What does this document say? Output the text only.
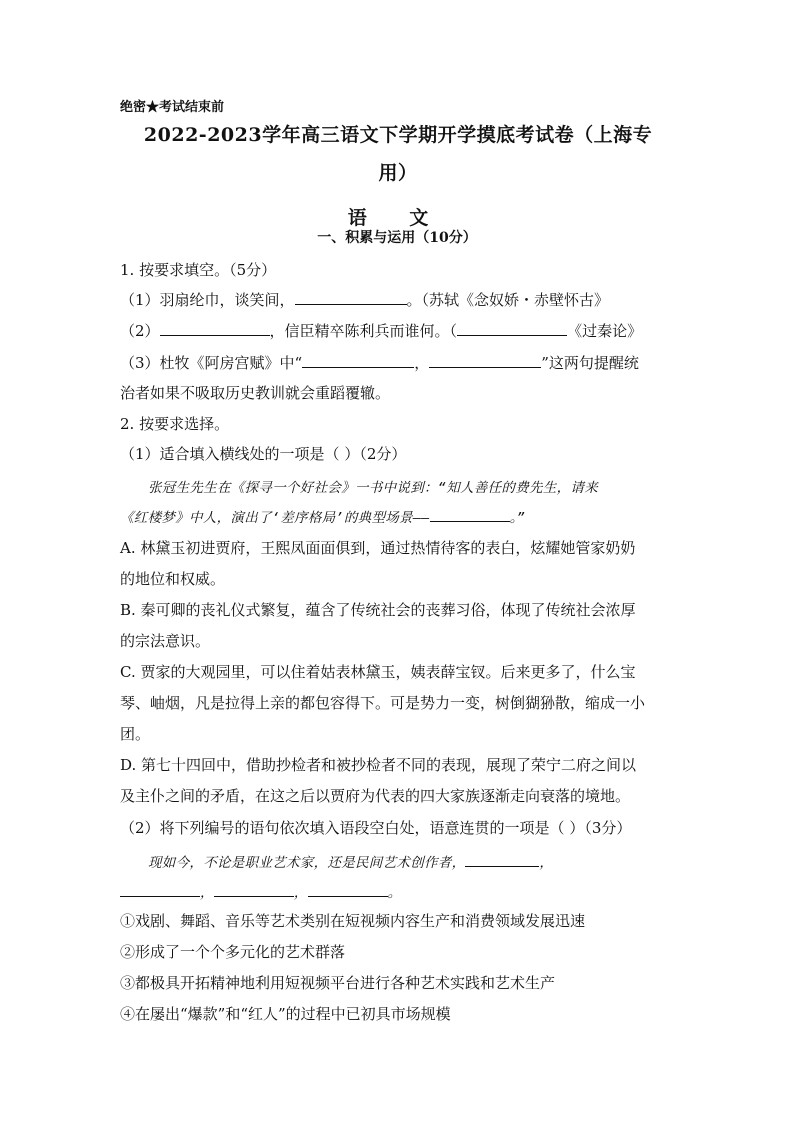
绝密★考试结束前
2022-2023学年高三语文下学期开学摸底考试卷（上海专
用）
语 文
一、积累与运用（10分）
1. 按要求填空。（5分）
（1）羽扇纶巾，谈笑间，	。（苏轼《念奴娇・赤壁怀古》
（2）	，信臣精卒陈利兵而谁何。（	《过秦论》
（3）杜牧《阿房宫赋》中“	，	”这两句提醒统
治者如果不吸取历史教训就会重蹈覆辙。
2. 按要求选择。
（1）适合填入横线处的一项是（ ）（2分）
张冠生先生在《探寻一个好社会》一书中说到：“知人善任的费先生，请来
《红楼梦》中人，演出了‘差序格局’的典型场景——	。”
A. 林黛玉初进贾府，王熙凤面面俱到，通过热情待客的表白，炫耀她管家奶奶
的地位和权威。
B. 秦可卿的丧礼仪式繁复，蕴含了传统社会的丧葬习俗，体现了传统社会浓厚
的宗法意识。
C. 贾家的大观园里，可以住着姑表林黛玉，姨表薛宝钗。后来更多了，什么宝
琴、岫烟，凡是拉得上亲的都包容得下。可是势力一变，树倒猢狲散，缩成一小
团。
D. 第七十四回中，借助抄检者和被抄检者不同的表现，展现了荣宁二府之间以
及主仆之间的矛盾，在这之后以贾府为代表的四大家族逐渐走向衰落的境地。
（2）将下列编号的语句依次填入语段空白处，语意连贯的一项是（ ）（3分）
现如今，不论是职业艺术家，还是民间艺术创作者，	，
，	，	。
①戏剧、舞蹈、音乐等艺术类别在短视频内容生产和消费领域发展迅速
②形成了一个个多元化的艺术群落
③都极具开拓精神地利用短视频平台进行各种艺术实践和艺术生产
④在屡出“爆款”和“红人”的过程中已初具市场规模
